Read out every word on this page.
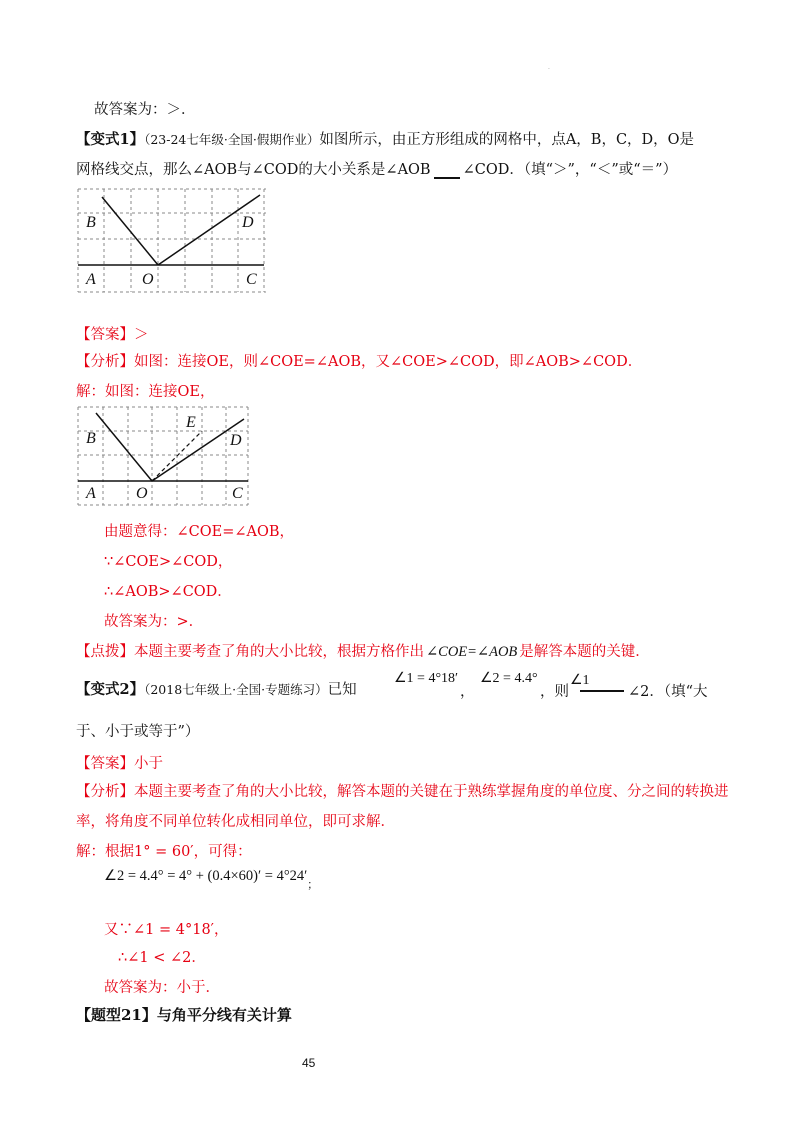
·
故答案为：＞．
【变式1】（23-24七年级·全国·假期作业）如图所示，由正方形组成的网格中，点A，B，C，D，O是
网格线交点，那么∠AOB与∠COD的大小关系是∠AOB ∠COD．（填“＞”，“＜”或“＝”）
B	D
A	O	C
【答案】＞
【分析】如图：连接OE，则∠COE=∠AOB，又∠COE>∠COD，即∠AOB>∠COD．
解：如图：连接OE，
B
E
D
A	O	C
由题意得：∠COE=∠AOB，
∵∠COE>∠COD，
∴∠AOB>∠COD．
故答案为：>．
【点拨】本题主要考查了角的大小比较，根据方格作出 ∠COE=∠AOB 是解答本题的关键．
【变式2】（2018七年级上·全国·专题练习）已知
∠1 = 4°18′
，
∠2 = 4.4°
，则
∠1
∠2．（填“大
于、小于或等于”）
【答案】小于
【分析】本题主要考查了角的大小比较，解答本题的关键在于熟练掌握角度的单位度、分之间的转换进
率，将角度不同单位转化成相同单位，即可求解．
解：根据1° = 60′，可得：
∠2 = $4.4^\circ = 4^\circ + (0.4\times 60)' = 4^\circ 24'_;$
又∵∠1 = 4°18′，
∴∠1 < ∠2．
故答案为：小于．
【题型21】与角平分线有关计算
45
